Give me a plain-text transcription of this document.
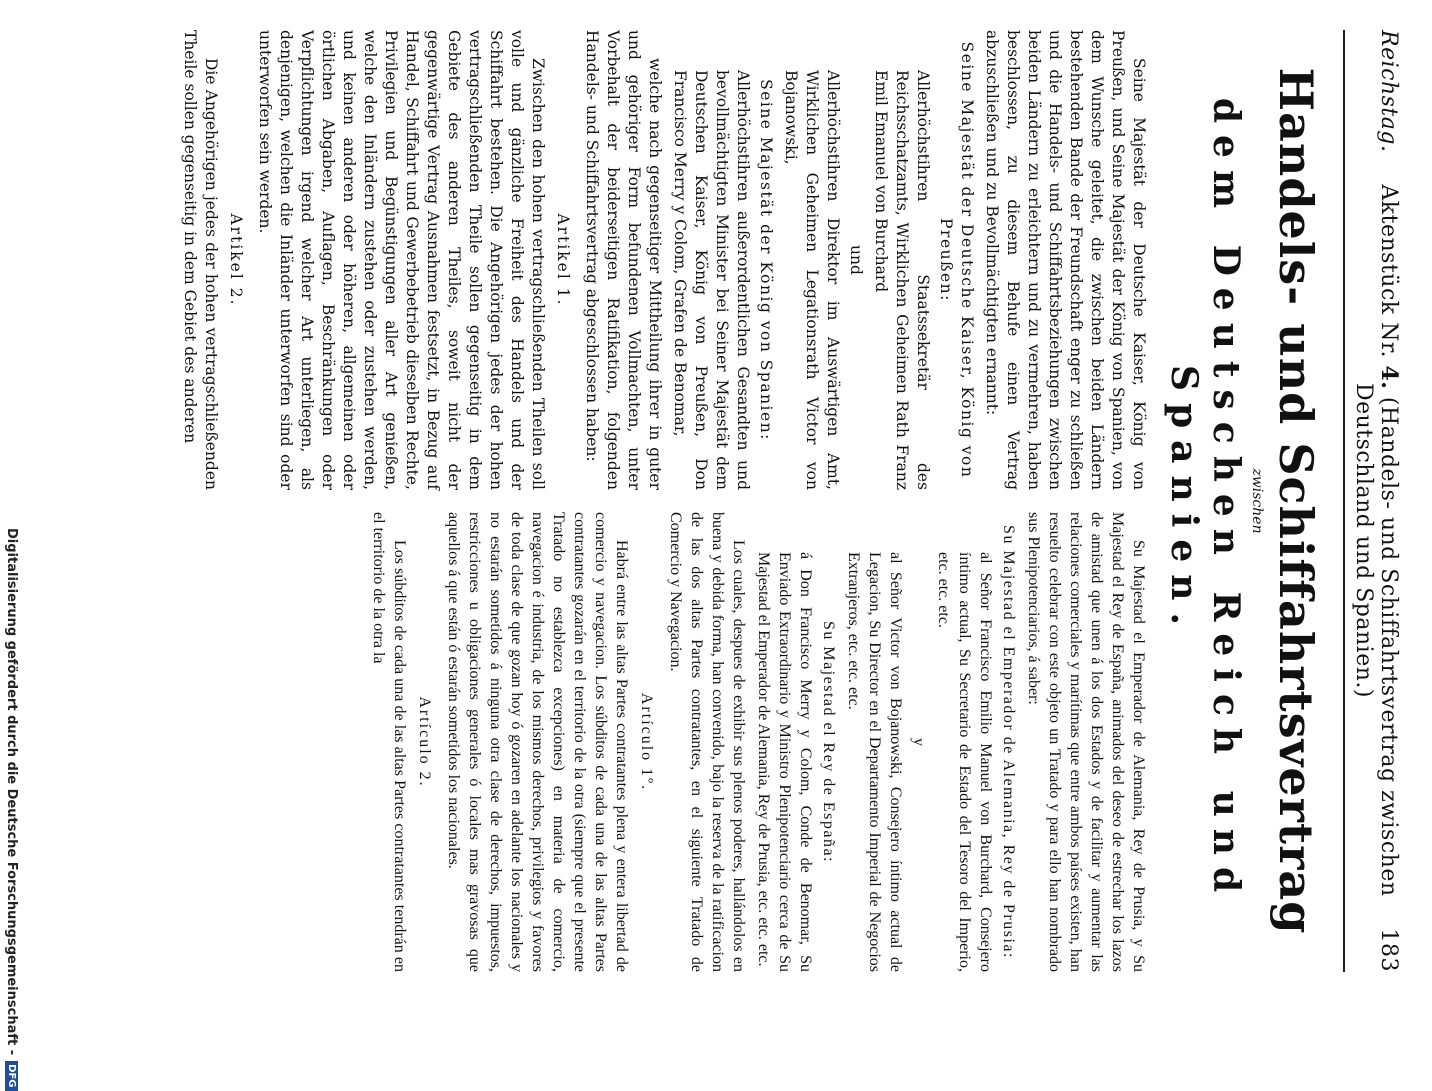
Reichstag.
Aktenstück Nr. 4. (Handels- und Schiffahrtsvertrag zwischen Deutschland und Spanien.)
183
Handels- und Schiffahrtsvertrag
zwischen
dem Deutschen Reich und Spanien.

Seine Majestät der Deutsche Kaiser, König von Preußen, und Seine Majestät der König von Spanien, von dem Wunsche geleitet, die zwischen beiden Ländern bestehenden Bande der Freundschaft enger zu schließen und die Handels- und Schiffahrtsbeziehungen zwischen beiden Ländern zu erleichtern und zu vermehren, haben beschlossen, zu diesem Behufe einen Vertrag abzuschließen und zu Bevollmächtigten ernannt:

Seine Majestät der Deutsche Kaiser, König von Preußen:

Allerhöchstihren Staatssekretär des Reichsschatzamts, Wirklichen Geheimen Rath Franz Emil Emanuel von Burchard

und

Allerhöchstihren Direktor im Auswärtigen Amt, Wirklichen Geheimen Legationsrath Victor von Bojanowski,

Seine Majestät der König von Spanien:

Allerhöchstihren außerordentlichen Gesandten und bevollmächtigten Minister bei Seiner Majestät dem Deutschen Kaiser, König von Preußen, Don Francisco Merry y Colom, Grafen de Benomar,

welche nach gegenseitiger Mittheilung ihrer in guter und gehöriger Form befundenen Vollmachten, unter Vorbehalt der beiderseitigen Ratifikation, folgenden Handels- und Schiffahrtsvertrag abgeschlossen haben:

Artikel 1.

Zwischen den hohen vertragschließenden Theilen soll volle und gänzliche Freiheit des Handels und der Schiffahrt bestehen. Die Angehörigen jedes der hohen vertragschließenden Theile sollen gegenseitig in dem Gebiete des anderen Theiles, soweit nicht der gegenwärtige Vertrag Ausnahmen festsetzt, in Bezug auf Handel, Schiffahrt und Gewerbebetrieb dieselben Rechte, Privilegien und Begünstigungen aller Art genießen, welche den Inländern zustehen oder zustehen werden, und keinen anderen oder höheren, allgemeinen oder örtlichen Abgaben, Auflagen, Beschränkungen oder Verpflichtungen irgend welcher Art unterliegen, als denjenigen, welchen die Inländer unterworfen sind oder unterworfen sein werden.

Artikel 2.

Die Angehörigen jedes der hohen vertragschließenden Theile sollen gegenseitig in dem Gebiet des anderen

Su Majestad el Emperador de Alemania, Rey de Prusia, y Su Majestad el Rey de España, animados del deseo de estrechar los lazos de amistad que unen á los dos Estados y de facilitar y aumentar las relaciones comerciales y marítimas que entre ambos países existen, han resuelto celebrar con este objeto un Tratado y para ello han nombrado sus Plenipotenciarios, á saber:

Su Majestad el Emperador de Alemania, Rey de Prusia:

al Señor Francisco Emilio Manuel von Burchard, Consejero íntimo actual, Su Secretario de Estado del Tesoro del Imperio, etc. etc. etc.

y

al Señor Victor von Bojanowski, Consejero íntimo actual de Legacion, Su Director en el Departamento Imperial de Negocios Extranjeros, etc. etc. etc.

Su Majestad el Rey de España:

á Don Francisco Merry y Colom, Conde de Benomar, Su Enviado Extraordinario y Ministro Plenipotenciario cerca de Su Majestad el Emperador de Alemania, Rey de Prusia, etc. etc. etc.

Los cuales, despues de exhibir sus plenos poderes, hallándolos en buena y debida forma, han convenido, bajo la reserva de la ratificacion de las dos altas Partes contratantes, en el siguiente Tratado de Comercio y Navegacion.

Artículo 1º.

Habrá entre las altas Partes contratantes plena y entera libertad de comercio y navegacion. Los súbditos de cada una de las altas Partes contratantes gozarán en el territorio de la otra (siempre que el presente Tratado no establezca excepciones) en materia de comercio, navegacion é industria, de los mismos derechos, privilegios y favores de toda clase de que gozan hoy ó gozaren en adelante los nacionales y no estarán sometidos á ninguna otra clase de derechos, impuestos, restricciones u obligaciones generales ó locales mas gravosas que aquellos á que están ó estarán sometidos los nacionales.

Artículo 2.

Los súbditos de cada una de las altas Partes contratantes tendrán en el territorio de la otra la

Digitalisierung gefördert durch die Deutsche Forschungsgemeinschaft -
DFG
